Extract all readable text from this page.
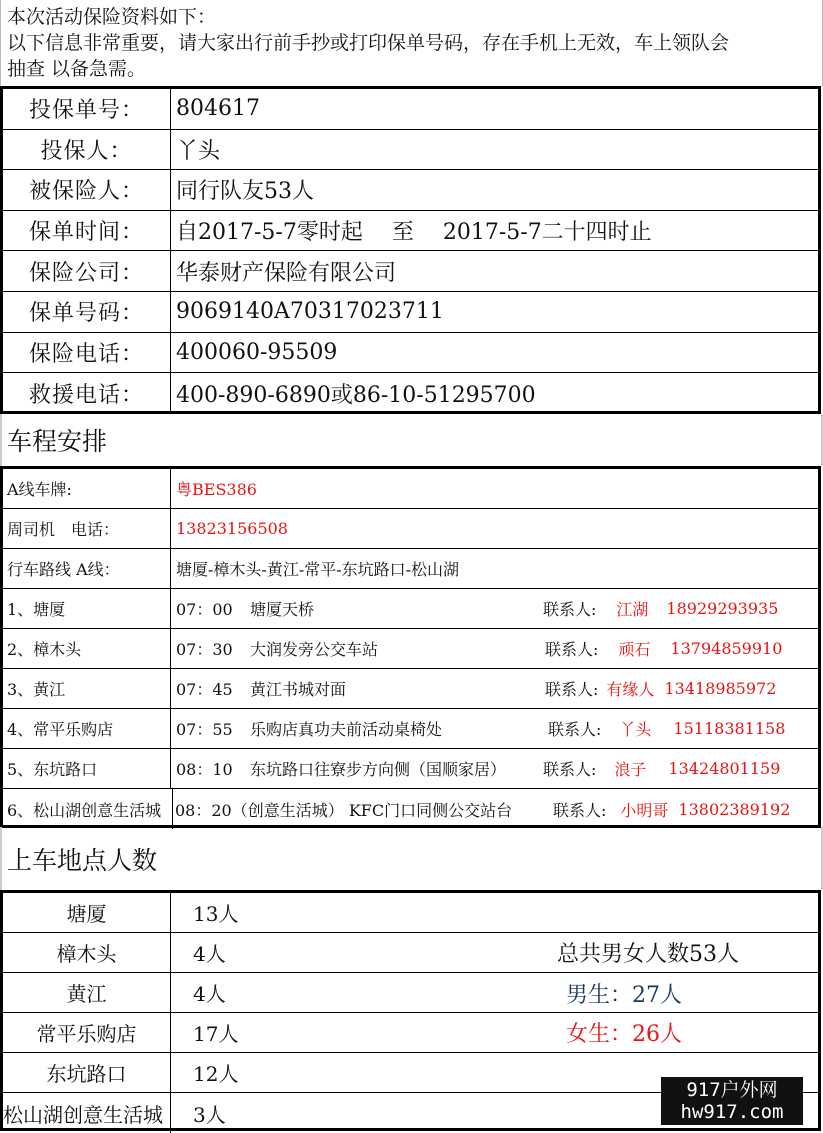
本次活动保险资料如下：
以下信息非常重要，请大家出行前手抄或打印保单号码，存在手机上无效，车上领队会
抽查 以备急需。
投保单号：	804617
投保人：	丫头
被保险人：	同行队友53人
保单时间：	自2017-5-7零时起　 至　 2017-5-7二十四时止
保险公司：	华泰财产保险有限公司
保单号码：	9069140A70317023711
保险电话：	400060-95509
救援电话：	400-890-6890或86-10-51295700
车程安排
A线车牌:	粤BES386
周司机　电话：	13823156508
行车路线 A线：	塘厦-樟木头-黄江-常平-东坑路口-松山湖
1、塘厦	07：00	塘厦天桥	联系人: 江湖 18929293935
2、樟木头	07：30	大润发旁公交车站	联系人: 顽石 13794859910
3、黄江	07：45	黄江书城对面	联系人: 有缘人 13418985972
4、常平乐购店	07：55	乐购店真功夫前活动桌椅处	联系人: 丫头 15118381158
5、东坑路口	08：10	东坑路口往寮步方向侧（国顺家居） 联系人: 浪子 13424801159
6、松山湖创意生活城 08：20 （创意生活城） KFC门口同侧公交站台	联系人: 小明哥 13802389192
上车地点人数
塘厦	13人
樟木头	4人
黄江	4人
常平乐购店	17人
东坑路口	12人
松山湖创意生活城	3人
总共男女人数53人
男生：27人
女生：26人
917户外网
hw917.com
